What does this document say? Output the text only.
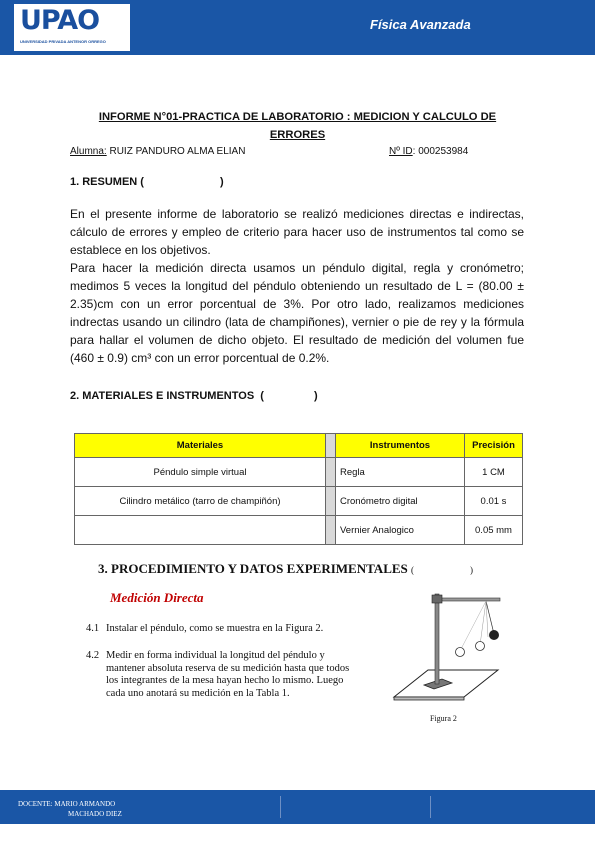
UPAO
UNIVERSIDAD PRIVADA ANTENOR ORREGO
Física Avanzada
INFORME N°01-PRACTICA DE LABORATORIO : MEDICION Y CALCULO DE ERRORES
Alumna: RUIZ PANDURO ALMA ELIAN	Nº ID: 000253984
1. RESUMEN (	)
En el presente informe de laboratorio se realizó mediciones directas e indirectas, cálculo de errores y empleo de criterio para hacer uso de instrumentos tal como se establece en los objetivos.
Para hacer la medición directa usamos un péndulo digital, regla y cronómetro; medimos 5 veces la longitud del péndulo obteniendo un resultado de L = (80.00 ± 2.35)cm con un error porcentual de 3%. Por otro lado, realizamos mediciones indrectas usando un cilindro (lata de champiñones), vernier o pie de rey y la fórmula para hallar el volumen de dicho objeto. El resultado de medición del volumen fue (460 ± 0.9) cm³ con un error porcentual de 0.2%.
2. MATERIALES E INSTRUMENTOS (	)
Materiales		Instrumentos	Precisión
Péndulo simple virtual		Regla	1 CM
Cilindro metálico (tarro de champiñón)		Cronómetro digital	0.01 s
		Vernier Analogico	0.05 mm
3. PROCEDIMIENTO Y DATOS EXPERIMENTALES (	)
Medición Directa
4.1 Instalar el péndulo, como se muestra en la Figura 2.
4.2 Medir en forma individual la longitud del péndulo y mantener absoluta reserva de su medición hasta que todos los integrantes de la mesa hayan hecho lo mismo. Luego cada uno anotará su medición en la Tabla 1.
Figura 2
DOCENTE: MARIO ARMANDO
MACHADO DIEZ
